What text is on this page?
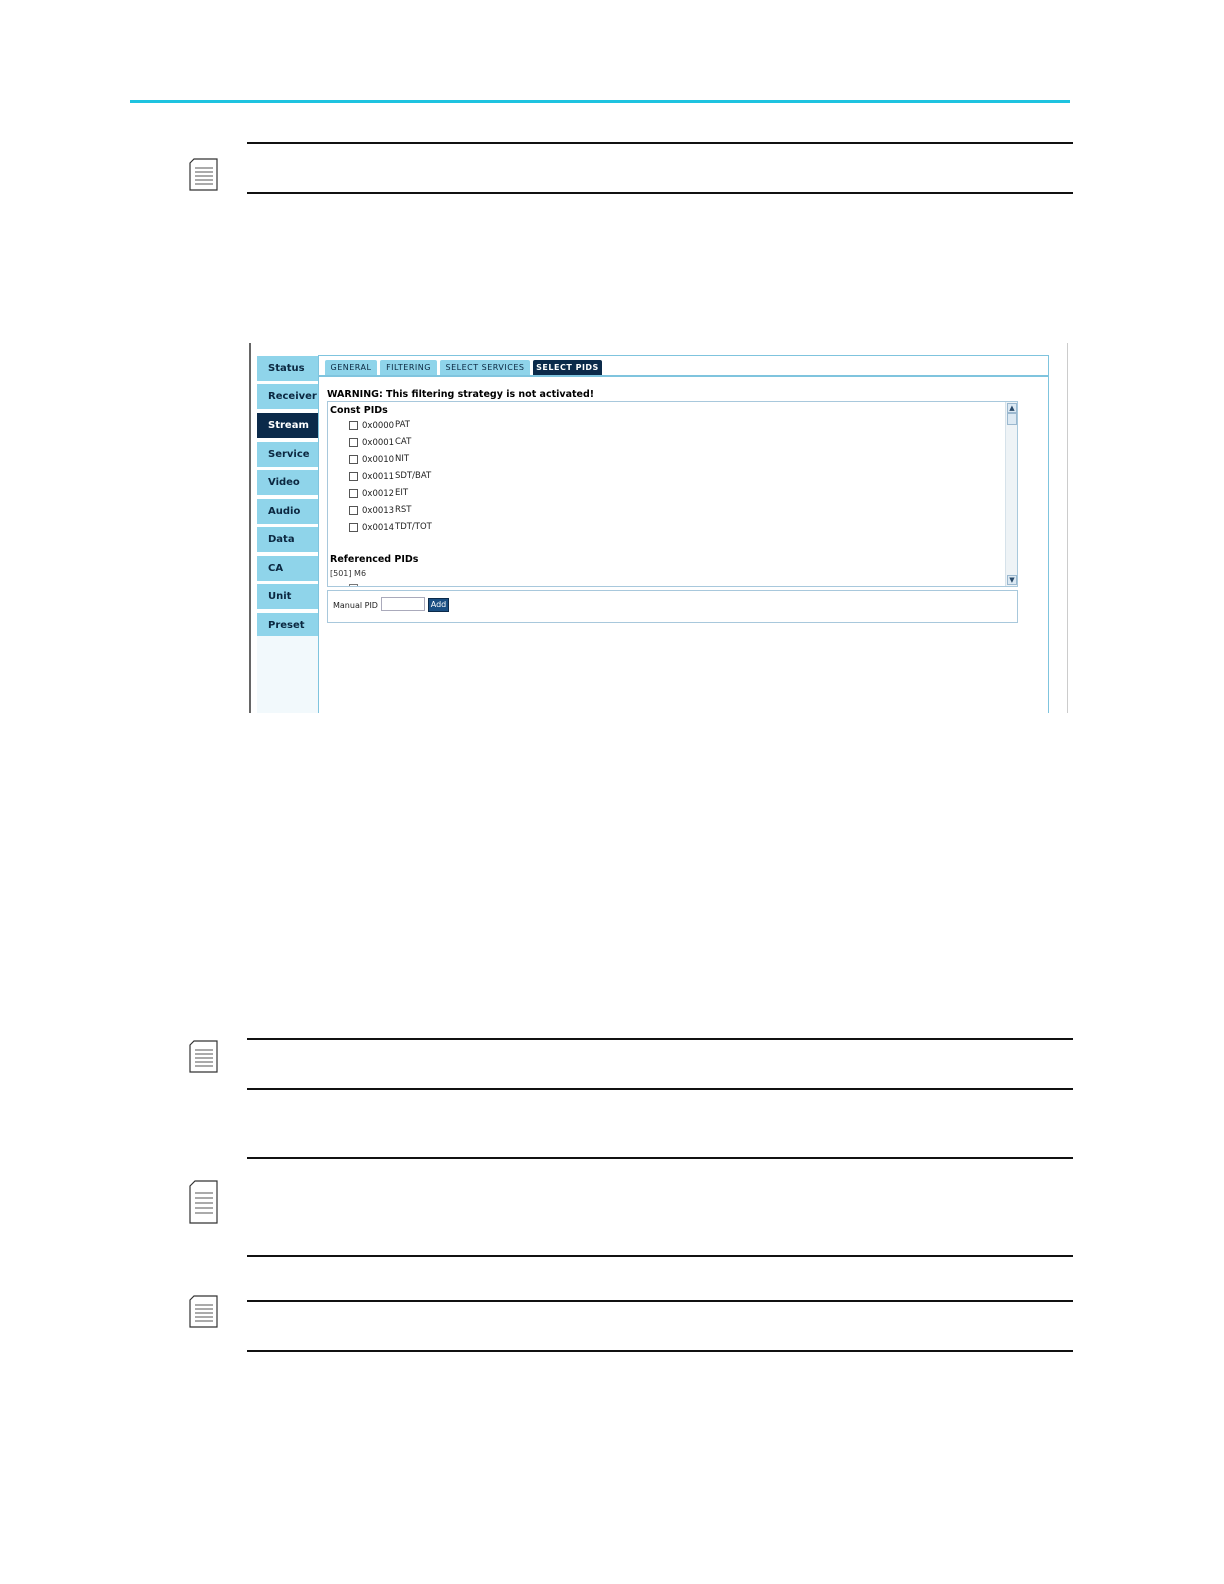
Status
Receiver
Stream
Service
Video
Audio
Data
CA
Unit
Preset
GENERAL	FILTERING	SELECT SERVICES	SELECT PIDS
WARNING: This filtering strategy is not activated!
Const PIDs
0x0000 PAT
0x0001 CAT
0x0010 NIT
0x0011 SDT/BAT
0x0012 EIT
0x0013 RST
0x0014 TDT/TOT
Referenced PIDs
[501] M6
▲
▼
Manual PID	Add
